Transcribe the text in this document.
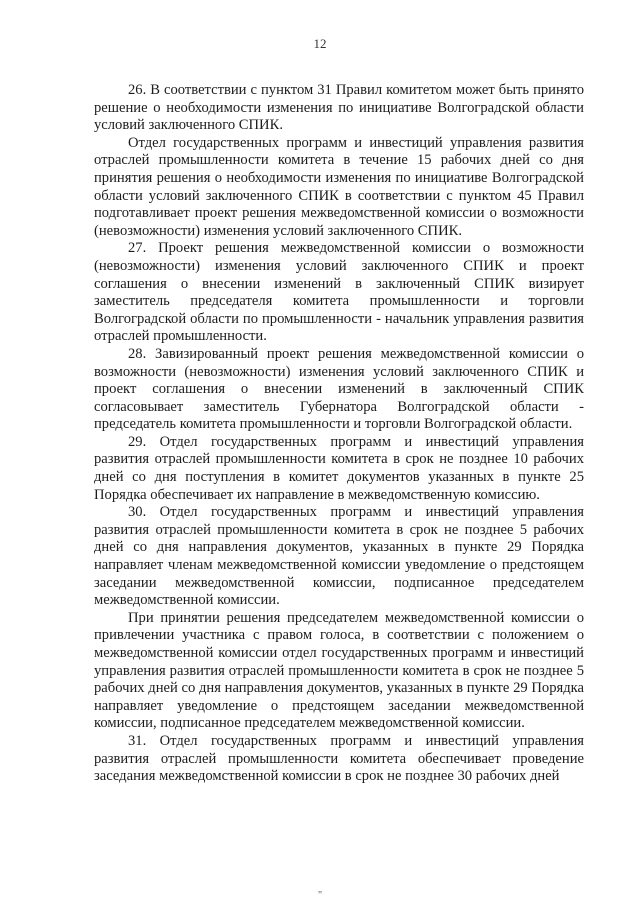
12

26. В соответствии с пунктом 31 Правил комитетом может быть принято решение о необходимости изменения по инициативе Волгоградской области условий заключенного СПИК.

Отдел государственных программ и инвестиций управления развития отраслей промышленности комитета в течение 15 рабочих дней со дня принятия решения о необходимости изменения по инициативе Волгоградской области условий заключенного СПИК в соответствии с пунктом 45 Правил подготавливает проект решения межведомственной комиссии о возможности (невозможности) изменения условий заключенного СПИК.

27. Проект решения межведомственной комиссии о возможности (невозможности) изменения условий заключенного СПИК и проект соглашения о внесении изменений в заключенный СПИК визирует заместитель председателя комитета промышленности и торговли Волгоградской области по промышленности - начальник управления развития отраслей промышленности.

28. Завизированный проект решения межведомственной комиссии о возможности (невозможности) изменения условий заключенного СПИК и проект соглашения о внесении изменений в заключенный СПИК согласовывает заместитель Губернатора Волгоградской области - председатель комитета промышленности и торговли Волгоградской области.

29. Отдел государственных программ и инвестиций управления развития отраслей промышленности комитета в срок не позднее 10 рабочих дней со дня поступления в комитет документов указанных в пункте 25 Порядка обеспечивает их направление в межведомственную комиссию.

30. Отдел государственных программ и инвестиций управления развития отраслей промышленности комитета в срок не позднее 5 рабочих дней со дня направления документов, указанных в пункте 29 Порядка направляет членам межведомственной комиссии уведомление о предстоящем заседании межведомственной комиссии, подписанное председателем межведомственной комиссии.

При принятии решения председателем межведомственной комиссии о привлечении участника с правом голоса, в соответствии с положением о межведомственной комиссии отдел государственных программ и инвестиций управления развития отраслей промышленности комитета в срок не позднее 5 рабочих дней со дня направления документов, указанных в пункте 29 Порядка направляет уведомление о предстоящем заседании межведомственной комиссии, подписанное председателем межведомственной комиссии.

31. Отдел государственных программ и инвестиций управления развития отраслей промышленности комитета обеспечивает проведение заседания межведомственной комиссии в срок не позднее 30 рабочих дней

"
